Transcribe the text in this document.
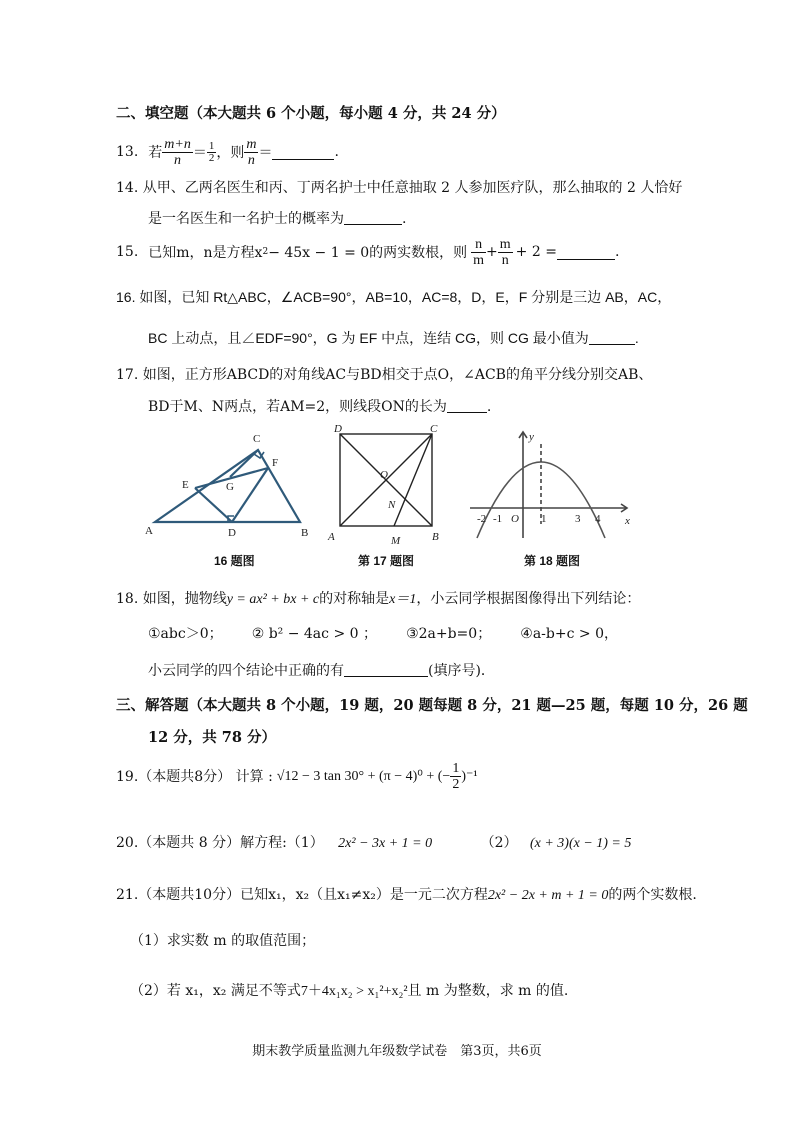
二、填空题（本大题共 6 个小题，每小题 4 分，共 24 分）
13. 若 $\frac{m+n}{n} = \frac{1}{2}$ ，则 $\frac{m}{n}$ ＝	.
14. 从甲、乙两名医生和丙、丁两名护士中任意抽取 2 人参加医疗队，那么抽取的 2 人恰好
是一名医生和一名护士的概率为	.
15. 已知m，n是方程x 2 − 45x − 1 = 0的两实数根，则 $\frac{n}{m} + \frac{m}{n} + 2$ =	.
16. 如图，已知 Rt△ABC，∠ACB=90°，AB=10，AC=8，D，E，F 分别是三边 AB，AC，
BC 上动点，且∠EDF=90°，G 为 EF 中点，连结 CG，则 CG 最小值为	.
17. 如图，正方形ABCD的对角线AC与BD相交于点O，∠ACB的角平分线分别交AB、
BD于M、N两点，若AM=2，则线段ON的长为	.
A	B
C
D
E
F
G
16 题图
A	B
C
D
O
N
M
第 17 题图
y
x
-2 -1 O 1	3 4
第 18 题图
18. 如图，抛物线y = ax² + bx + c的对称轴是x＝1，小云同学根据图像得出下列结论：
①abc＞0； ② b² − 4ac > 0 ； ③2a+b=0； ④a-b+c > 0，
小云同学的四个结论中正确的有	(填序号)．
三、解答题（本大题共 8 个小题，19 题，20 题每题 8 分，21 题—25 题，每题 10 分，26 题
12 分，共 78 分）
19.（本题共8分） 计算 : √12 − 3 tan 30° + (π − 4)⁰ + (− $\frac{1}{2} )^{-1}$
20.（本题共 8 分）解方程:（1） 2x² − 3x + 1 = 0	（2） (x + 3)(x − 1) = 5
21.（本题共10分）已知x₁，x₂（且x₁≠x₂）是一元二次方程2x² − 2x + m + 1 = 0的两个实数根.
（1）求实数 m 的取值范围；
（2）若 x₁，x₂ 满足不等式7＋4x₁x₂ > x₁²+x₂²且 m 为整数，求 m 的值.
期末教学质量监测九年级数学试卷　第3页，共6页
